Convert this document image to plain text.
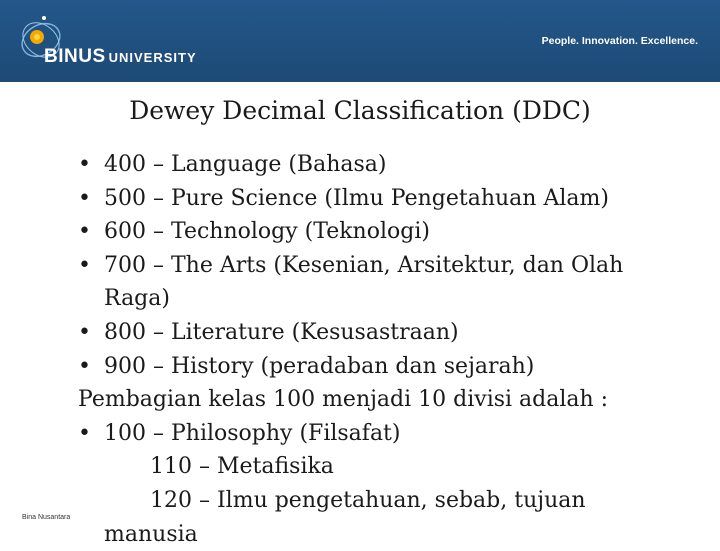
BINUS UNIVERSITY
People. Innovation. Excellence.
Dewey Decimal Classification (DDC)
• 400 – Language (Bahasa)
• 500 – Pure Science (Ilmu Pengetahuan Alam)
• 600 – Technology (Teknologi)
• 700 – The Arts (Kesenian, Arsitektur, dan Olah
Raga)
• 800 – Literature (Kesusastraan)
• 900 – History (peradaban dan sejarah)
Pembagian kelas 100 menjadi 10 divisi adalah :
• 100 – Philosophy (Filsafat)
110 – Metafisika
120 – Ilmu pengetahuan, sebab, tujuan
manusia
Bina Nusantara
